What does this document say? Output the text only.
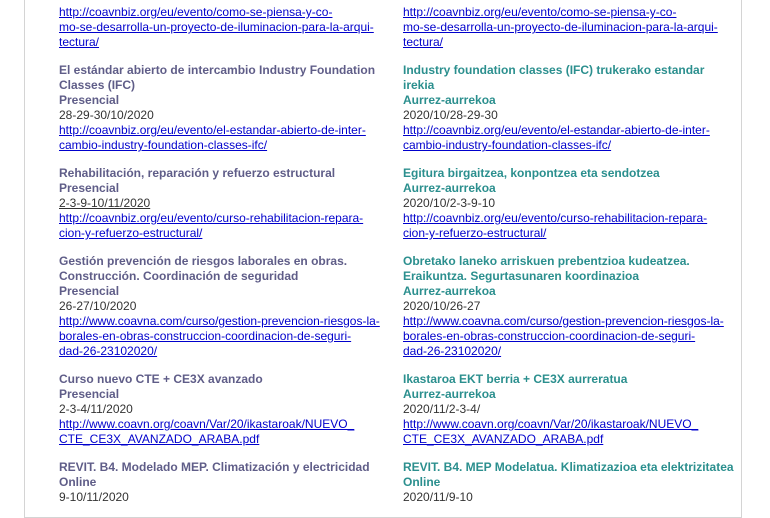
http://coavnbiz.org/eu/evento/como-se-piensa-y-co-

mo-se-desarrolla-un-proyecto-de-iluminacion-para-la-arqui-

tectura/

El estándar abierto de intercambio Industry Foundation

Classes (IFC)

Presencial

28-29-30/10/2020

http://coavnbiz.org/eu/evento/el-estandar-abierto-de-inter-

cambio-industry-foundation-classes-ifc/

Rehabilitación, reparación y refuerzo estructural

Presencial

2-3-9-10/11/2020

http://coavnbiz.org/eu/evento/curso-rehabilitacion-repara-

cion-y-refuerzo-estructural/

Gestión prevención de riesgos laborales en obras.

Construcción. Coordinación de seguridad

Presencial

26-27/10/2020

http://www.coavna.com/curso/gestion-prevencion-riesgos-la-

borales-en-obras-construccion-coordinacion-de-seguri-

dad-26-23102020/

Curso nuevo CTE + CE3X avanzado

Presencial

2-3-4/11/2020

http://www.coavn.org/coavn/Var/20/ikastaroak/NUEVO_

CTE_CE3X_AVANZADO_ARABA.pdf

REVIT. B4. Modelado MEP. Climatización y electricidad

Online

9-10/11/2020

http://coavnbiz.org/eu/evento/como-se-piensa-y-co-

mo-se-desarrolla-un-proyecto-de-iluminacion-para-la-arqui-

tectura/

Industry foundation classes (IFC) trukerako estandar

irekia

Aurrez-aurrekoa

2020/10/28-29-30

http://coavnbiz.org/eu/evento/el-estandar-abierto-de-inter-

cambio-industry-foundation-classes-ifc/

Egitura birgaitzea, konpontzea eta sendotzea

Aurrez-aurrekoa

2020/10/2-3-9-10

http://coavnbiz.org/eu/evento/curso-rehabilitacion-repara-

cion-y-refuerzo-estructural/

Obretako laneko arriskuen prebentzioa kudeatzea.

Eraikuntza. Segurtasunaren koordinazioa

Aurrez-aurrekoa

2020/10/26-27

http://www.coavna.com/curso/gestion-prevencion-riesgos-la-

borales-en-obras-construccion-coordinacion-de-seguri-

dad-26-23102020/

Ikastaroa EKT berria + CE3X aurreratua

Aurrez-aurrekoa

2020/11/2-3-4/

http://www.coavn.org/coavn/Var/20/ikastaroak/NUEVO_

CTE_CE3X_AVANZADO_ARABA.pdf

REVIT. B4. MEP Modelatua. Klimatizazioa eta elektrizitatea

Online

2020/11/9-10
